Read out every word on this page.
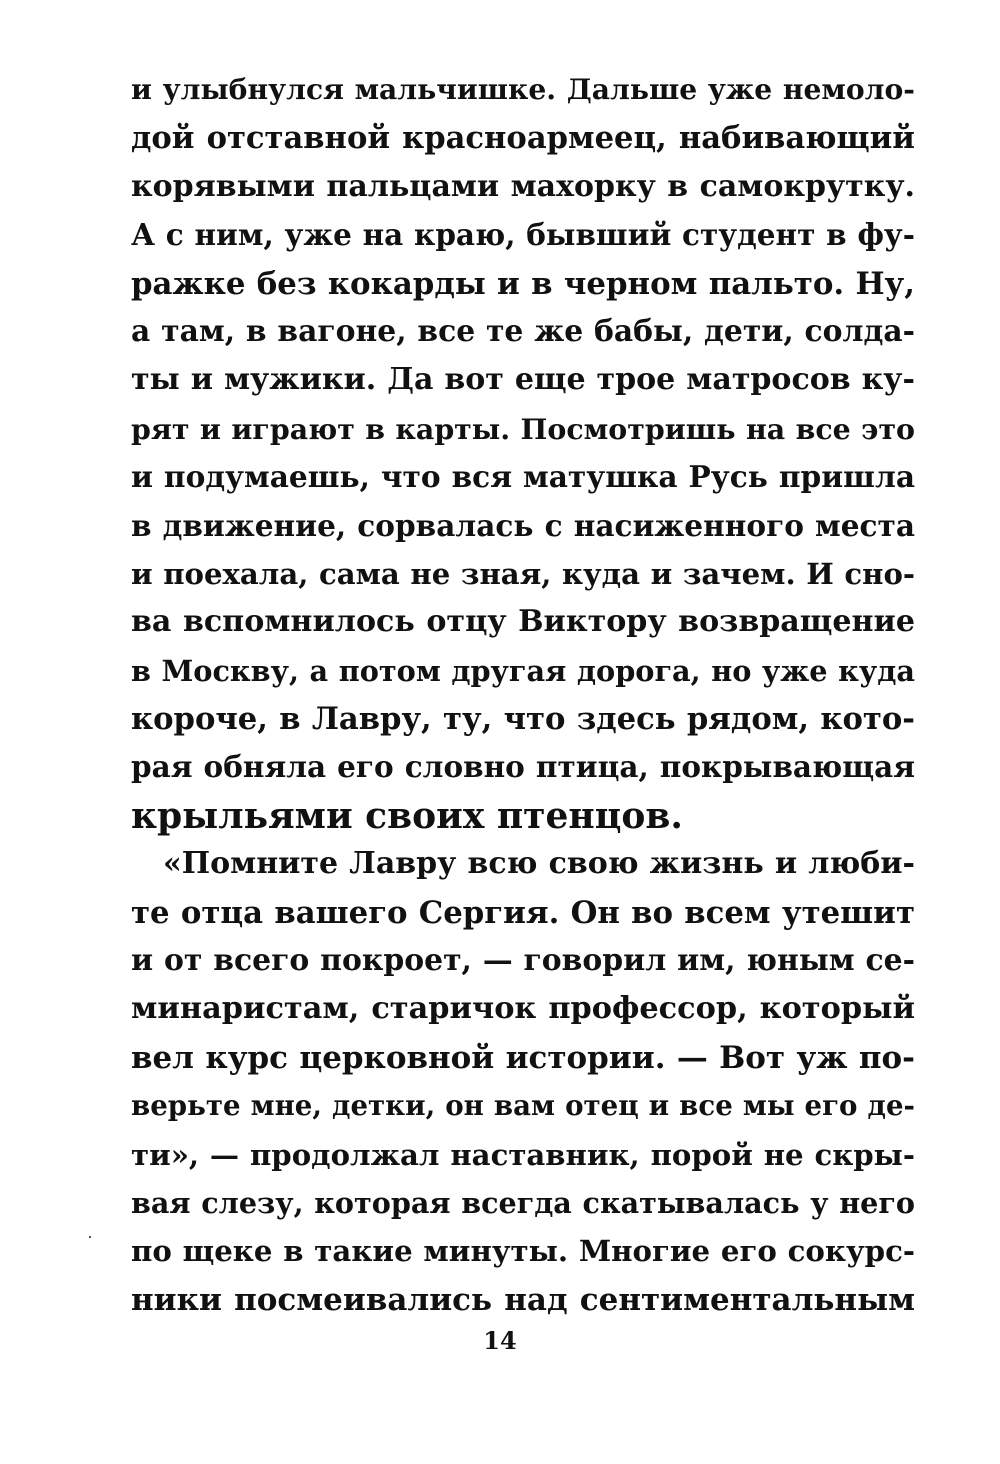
и улыбнулся мальчишке. Дальше уже немоло-
дой отставной красноармеец, набивающий
корявыми пальцами махорку в самокрутку.
А с ним, уже на краю, бывший студент в фу-
ражке без кокарды и в черном пальто. Ну,
а там, в вагоне, все те же бабы, дети, солда-
ты и мужики. Да вот еще трое матросов ку-
рят и играют в карты. Посмотришь на все это
и подумаешь, что вся матушка Русь пришла
в движение, сорвалась с насиженного места
и поехала, сама не зная, куда и зачем. И сно-
ва вспомнилось отцу Виктору возвращение
в Москву, а потом другая дорога, но уже куда
короче, в Лавру, ту, что здесь рядом, кото-
рая обняла его словно птица, покрывающая
крыльями своих птенцов.
«Помните Лавру всю свою жизнь и люби-
те отца вашего Сергия. Он во всем утешит
и от всего покроет, — говорил им, юным се-
минаристам, старичок профессор, который
вел курс церковной истории. — Вот уж по-
верьте мне, детки, он вам отец и все мы его де-
ти», — продолжал наставник, порой не скры-
вая слезу, которая всегда скатывалась у него
по щеке в такие минуты. Многие его сокурс-
ники посмеивались над сентиментальным
14
